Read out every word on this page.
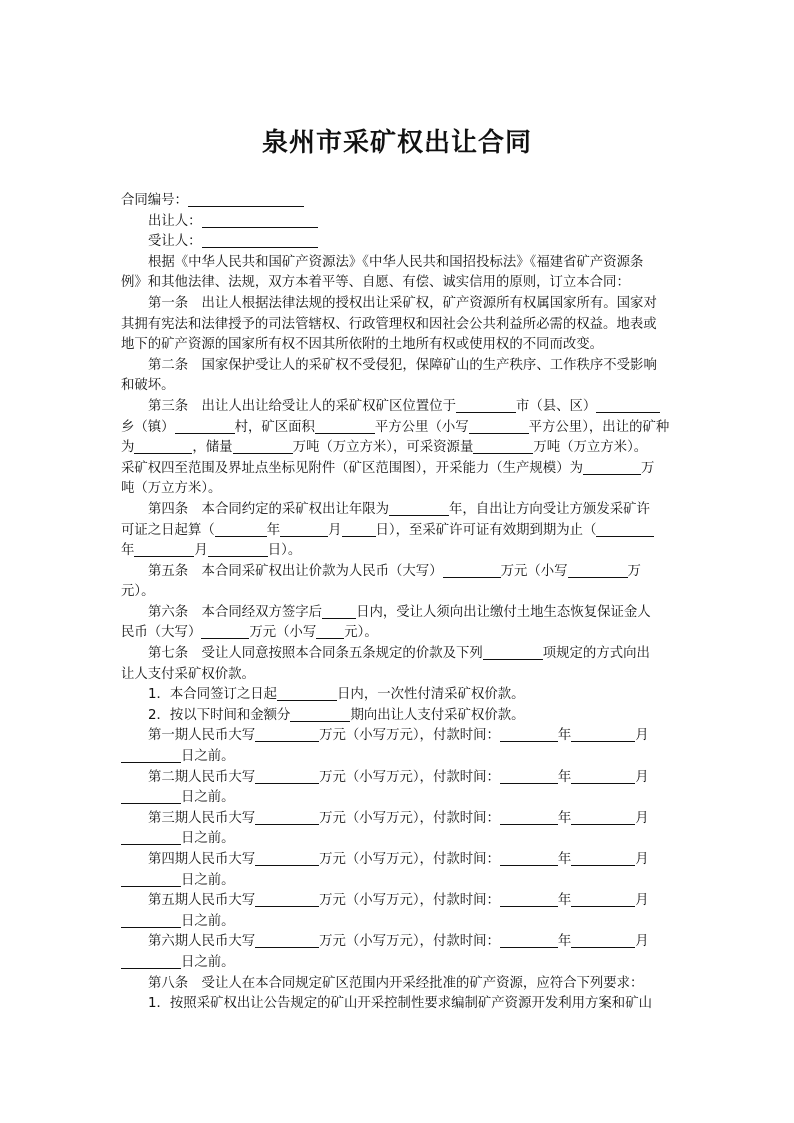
泉州市采矿权出让合同
合同编号：
出让人：
受让人：
根据《中华人民共和国矿产资源法》《中华人民共和国招投标法》《福建省矿产资源条
例》和其他法律、法规，双方本着平等、自愿、有偿、诚实信用的原则，订立本合同：
第一条　出让人根据法律法规的授权出让采矿权，矿产资源所有权属国家所有。国家对
其拥有宪法和法律授予的司法管辖权、行政管理权和因社会公共利益所必需的权益。地表或
地下的矿产资源的国家所有权不因其所依附的土地所有权或使用权的不同而改变。
第二条　国家保护受让人的采矿权不受侵犯，保障矿山的生产秩序、工作秩序不受影响
和破坏。
第三条　出让人出让给受让人的采矿权矿区位置位于	市（县、区）
乡（镇）	村，矿区面积	平方公里（小写	平方公里），出让的矿种
为	，储量	万吨（万立方米），可采资源量	万吨（万立方米）。
采矿权四至范围及界址点坐标见附件（矿区范围图），开采能力（生产规模）为	万
吨（万立方米）。
第四条　本合同约定的采矿权出让年限为	年，自出让方向受让方颁发采矿许
可证之日起算（	年	月	日），至采矿许可证有效期到期为止（
年	月	日）。
第五条　本合同采矿权出让价款为人民币（大写）	万元（小写	万
元）。
第六条　本合同经双方签字后	日内，受让人须向出让缴付土地生态恢复保证金人
民币（大写）	万元（小写 元）。
第七条　受让人同意按照本合同条五条规定的价款及下列	项规定的方式向出
让人支付采矿权价款。
1．本合同签订之日起	日内，一次性付清采矿权价款。
2．按以下时间和金额分	期向出让人支付采矿权价款。
第一期人民币大写	万元（小写万元），付款时间：	年	月
日之前。
第二期人民币大写	万元（小写万元），付款时间：	年	月
日之前。
第三期人民币大写	万元（小写万元），付款时间：	年	月
日之前。
第四期人民币大写	万元（小写万元），付款时间：	年	月
日之前。
第五期人民币大写	万元（小写万元），付款时间：	年	月
日之前。
第六期人民币大写	万元（小写万元），付款时间：	年	月
日之前。
第八条　受让人在本合同规定矿区范围内开采经批准的矿产资源，应符合下列要求：
1．按照采矿权出让公告规定的矿山开采控制性要求编制矿产资源开发利用方案和矿山
